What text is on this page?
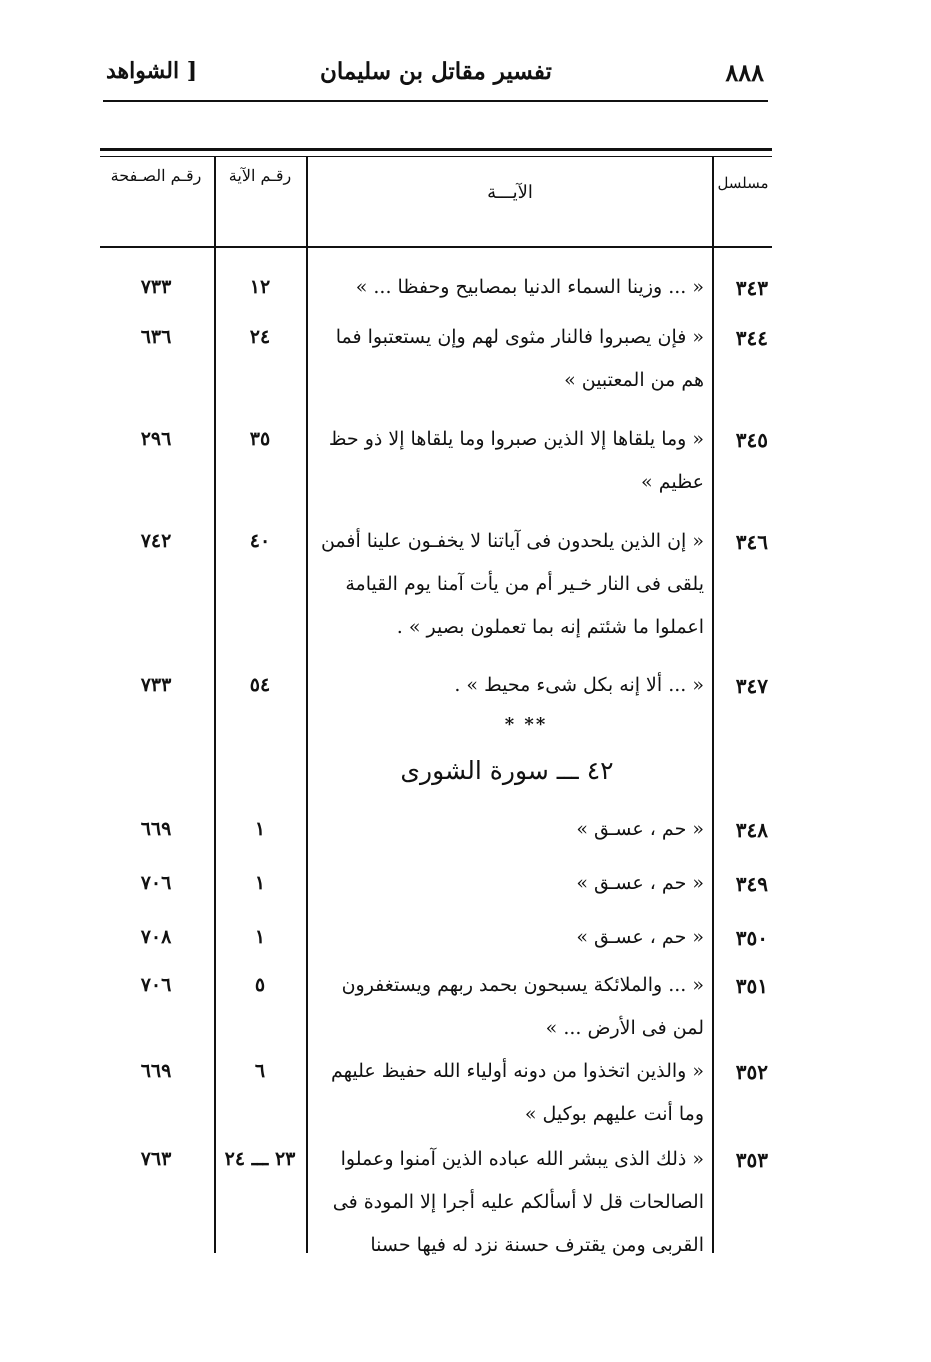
٨٨٨
تفسير مقاتل بن سليمان
[ الشواهد
مسلسل
الآيـــة
رقـم الآية
رقـم الصـفحة
٣٤٣
« ... وزينا السماء الدنيا بمصابيح وحفظا ... »
١٢
٧٣٣
٣٤٤
« فإن يصبروا فالنار مثوى لهم وإن يستعتبوا فما هم من المعتبين »
٢٤
٦٣٦
٣٤٥
« وما يلقاها إلا الذين صبروا وما يلقاها إلا ذو حظ عظيم »
٣٥
٢٩٦
٣٤٦
« إن الذين يلحدون فى آياتنا لا يخفـون علينا أفمن يلقى فى النار خـير أم من يأت آمنا يوم القيامة اعملوا ما شئتم إنه بما تعملون بصير » .
٤٠
٧٤٢
٣٤٧
« ... ألا إنه بكل شىء محيط » .
٥٤
٧٣٣
* **
٤٢ ـــ سورة الشورى
٣٤٨
« حم ، عسـق »
١
٦٦٩
٣٤٩
« حم ، عسـق »
١
٧٠٦
٣٥٠
« حم ، عسـق »
١
٧٠٨
٣٥١
« ... والملائكة يسبحون بحمد ربهم ويستغفرون لمن فى الأرض ... »
٥
٧٠٦
٣٥٢
« والذين اتخذوا من دونه أولياء الله حفيظ عليهم وما أنت عليهم بوكيل »
٦
٦٦٩
٣٥٣
« ذلك الذى يبشر الله عباده الذين آمنوا وعملوا الصالحات قل لا أسألكم عليه أجرا إلا المودة فى القربى ومن يقترف حسنة نزد له فيها حسنا
٢٣ ـــ ٢٤
٧٦٣
